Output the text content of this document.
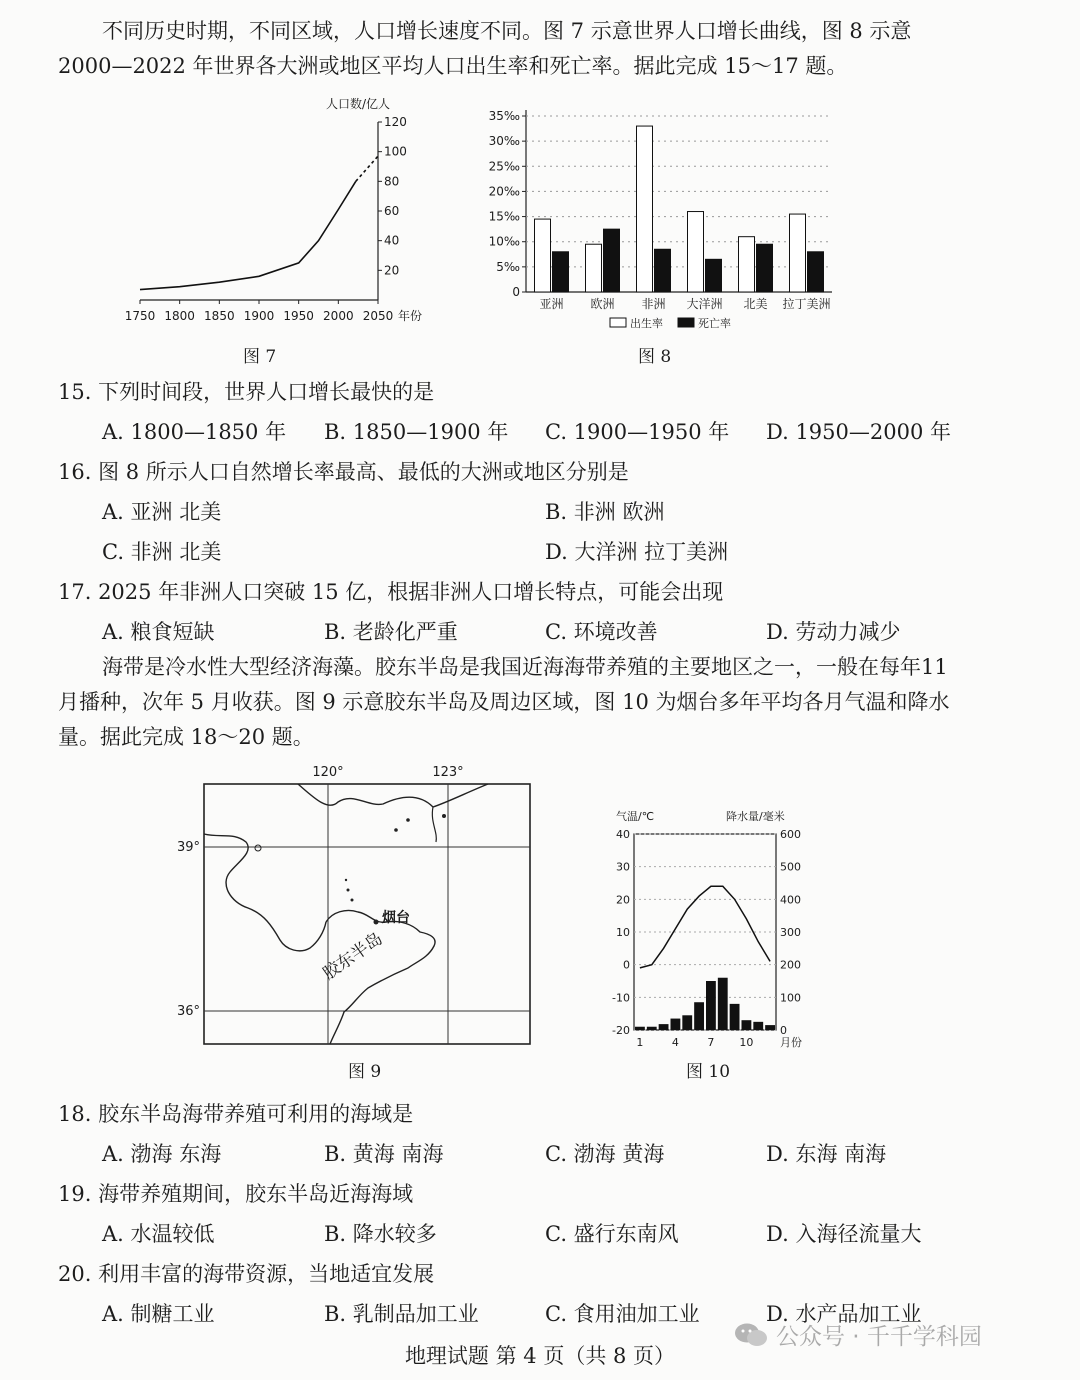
不同历史时期，不同区域，人口增长速度不同。图 7 示意世界人口增长曲线，图 8 示意2000—2022 年世界各大洲或地区平均人口出生率和死亡率。据此完成 15～17 题。

1750 1800 1850 1900 1950 2000 2050 年份
20
40
60
80
100
120
人口数/亿人
图 7
0
5‰
10‰
15‰
20‰
25‰
30‰
35‰
亚洲 欧洲 非洲 大洋洲 北美 拉丁美洲
出生率	死亡率
图 8
15. 下列时间段，世界人口增长最快的是
A. 1800—1850 年 B. 1850—1900 年 C. 1900—1950 年 D. 1950—2000 年
16. 图 8 所示人口自然增长率最高、最低的大洲或地区分别是
A. 亚洲 北美	B. 非洲 欧洲
C. 非洲 北美	D. 大洋洲 拉丁美洲
17. 2025 年非洲人口突破 15 亿，根据非洲人口增长特点，可能会出现
A. 粮食短缺	B. 老龄化严重	C. 环境改善	D. 劳动力减少

海带是冷水性大型经济海藻。胶东半岛是我国近海海带养殖的主要地区之一，一般在每年11 月播种，次年 5 月收获。图 9 示意胶东半岛及周边区域，图 10 为烟台多年平均各月气温和降水量。据此完成 18～20 题。

120°	123°
39°
36°
烟台
胶东半岛
图 9
-20
-10
0
10
20
30
40
0
100
200
300
400
500
600
1	4	7 10 月份
气温/℃	降水量/毫米
图 10
18. 胶东半岛海带养殖可利用的海域是
A. 渤海 东海	B. 黄海 南海	C. 渤海 黄海	D. 东海 南海
19. 海带养殖期间，胶东半岛近海海域
A. 水温较低	B. 降水较多	C. 盛行东南风	D. 入海径流量大
20. 利用丰富的海带资源，当地适宜发展
A. 制糖工业	B. 乳制品加工业	C. 食用油加工业	D. 水产品加工业
公众号 · 千千学科园
地理试题 第 4 页（共 8 页）
